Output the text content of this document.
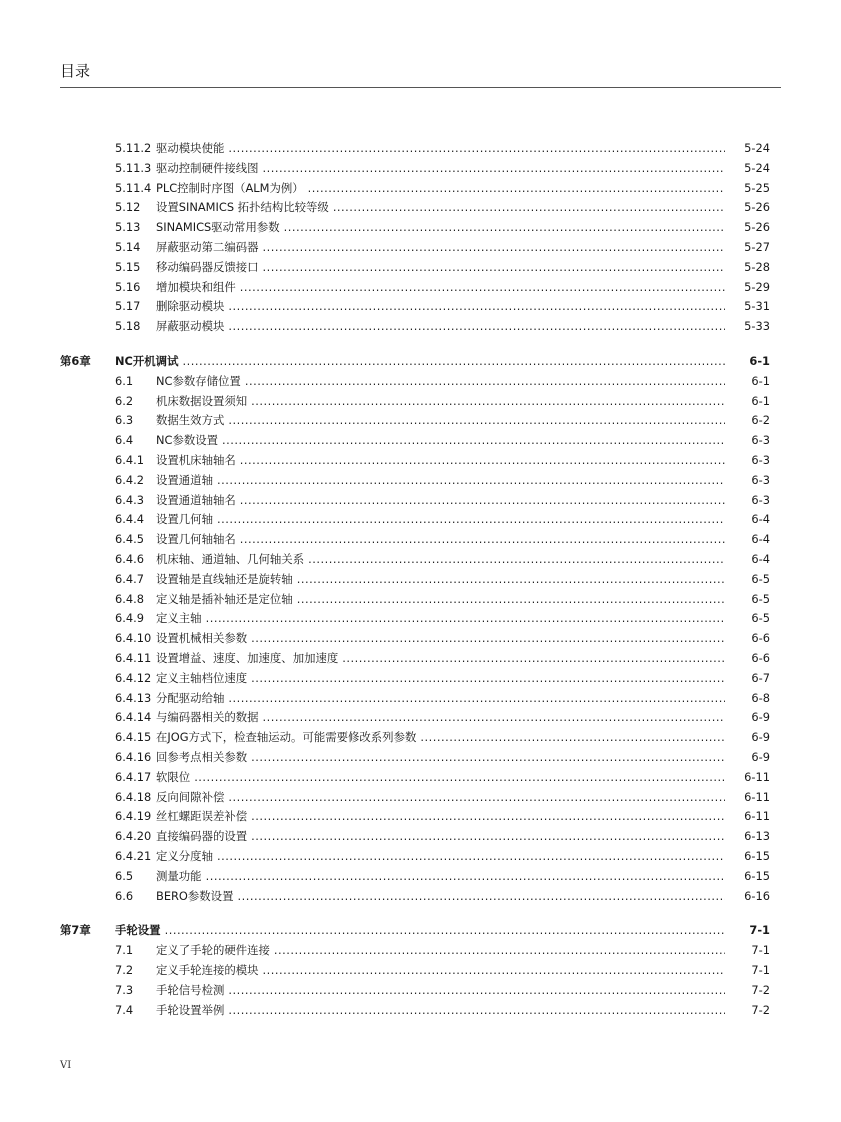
目录
5.11.2 驱动模块使能 .....	5-24
5.11.3 驱动控制硬件接线图 .....	5-24
5.11.4 PLC控制时序图（ALM为例） .....	5-25
5.12 设置SINAMICS 拓扑结构比较等级 .....	5-26
5.13 SINAMICS驱动常用参数 .....	5-26
5.14 屏蔽驱动第二编码器 .....	5-27
5.15 移动编码器反馈接口 .....	5-28
5.16 增加模块和组件 .....	5-29
5.17 删除驱动模块 .....	5-31
5.18 屏蔽驱动模块 .....	5-33
第6章	NC开机调试 .....	6-1
6.1 NC参数存储位置 .....	6-1
6.2 机床数据设置须知 .....	6-1
6.3 数据生效方式 .....	6-2
6.4 NC参数设置 .....	6-3
6.4.1 设置机床轴轴名 .....	6-3
6.4.2 设置通道轴 .....	6-3
6.4.3 设置通道轴轴名 .....	6-3
6.4.4 设置几何轴 .....	6-4
6.4.5 设置几何轴轴名 .....	6-4
6.4.6 机床轴、通道轴、几何轴关系 .....	6-4
6.4.7 设置轴是直线轴还是旋转轴 .....	6-5
6.4.8 定义轴是插补轴还是定位轴 .....	6-5
6.4.9 定义主轴 .....	6-5
6.4.10 设置机械相关参数 .....	6-6
6.4.11 设置增益、速度、加速度、加加速度 .....	6-6
6.4.12 定义主轴档位速度 .....	6-7
6.4.13 分配驱动给轴 .....	6-8
6.4.14 与编码器相关的数据 .....	6-9
6.4.15 在JOG方式下，检查轴运动。可能需要修改系列参数 .....	6-9
6.4.16 回参考点相关参数 .....	6-9
6.4.17 软限位 .....	6-11
6.4.18 反向间隙补偿 .....	6-11
6.4.19 丝杠螺距误差补偿 .....	6-11
6.4.20 直接编码器的设置 .....	6-13
6.4.21 定义分度轴 .....	6-15
6.5 测量功能 .....	6-15
6.6 BERO参数设置 .....	6-16
第7章	手轮设置 .....	7-1
7.1 定义了手轮的硬件连接 .....	7-1
7.2 定义手轮连接的模块 .....	7-1
7.3 手轮信号检测 .....	7-2
7.4 手轮设置举例 .....	7-2
VI
